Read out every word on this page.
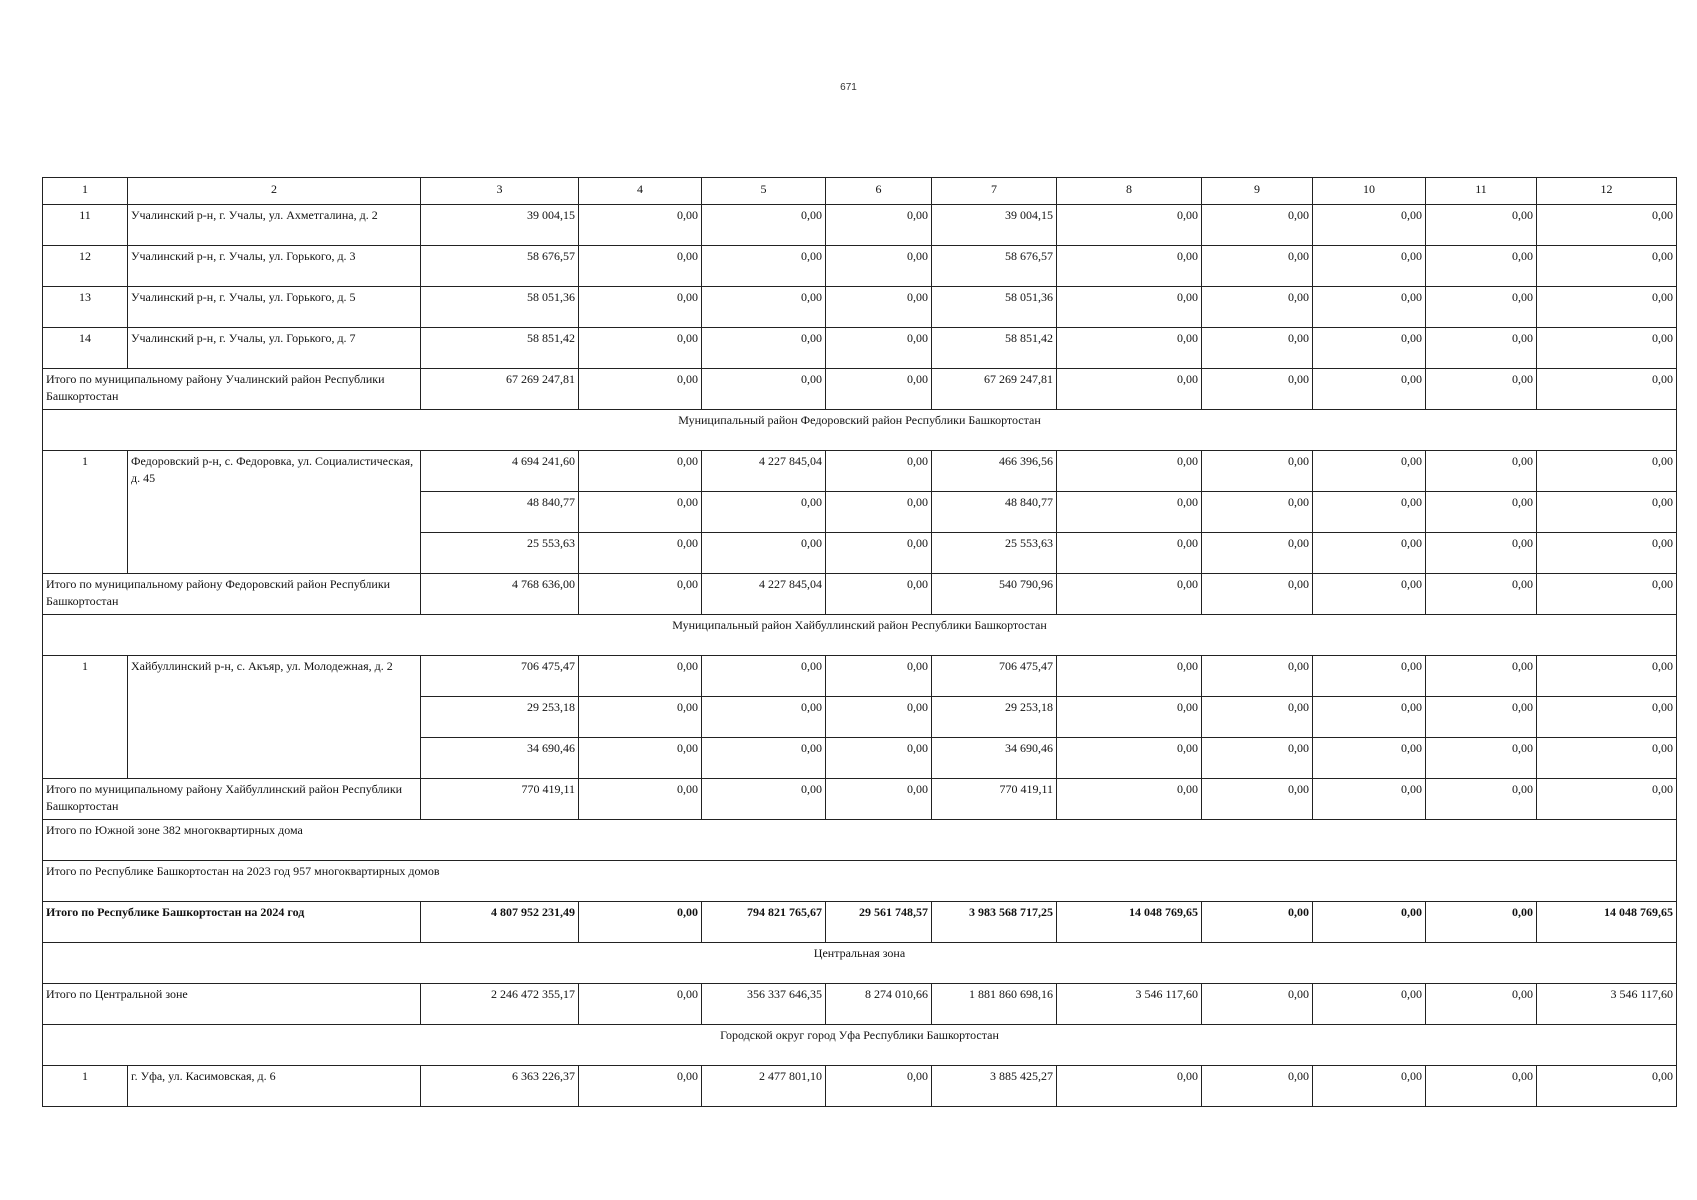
671
1	2	3	4	5	6	7	8	9	10	11	12
11	Учалинский р-н, г. Учалы, ул. Ахметгалина, д. 2	39 004,15	0,00	0,00	0,00	39 004,15	0,00	0,00	0,00	0,00	0,00
12	Учалинский р-н, г. Учалы, ул. Горького, д. 3	58 676,57	0,00	0,00	0,00	58 676,57	0,00	0,00	0,00	0,00	0,00
13	Учалинский р-н, г. Учалы, ул. Горького, д. 5	58 051,36	0,00	0,00	0,00	58 051,36	0,00	0,00	0,00	0,00	0,00
14	Учалинский р-н, г. Учалы, ул. Горького, д. 7	58 851,42	0,00	0,00	0,00	58 851,42	0,00	0,00	0,00	0,00	0,00
Итого по муниципальному району Учалинский район Республики Башкортостан		67 269 247,81	0,00	0,00	0,00	67 269 247,81	0,00	0,00	0,00	0,00	0,00
Муниципальный район Федоровский район Республики Башкортостан											
1	Федоровский р-н, с. Федоровка, ул. Социалистическая, д. 45	4 694 241,60	0,00	4 227 845,04	0,00	466 396,56	0,00	0,00	0,00	0,00	0,00
		48 840,77	0,00	0,00	0,00	48 840,77	0,00	0,00	0,00	0,00	0,00
		25 553,63	0,00	0,00	0,00	25 553,63	0,00	0,00	0,00	0,00	0,00
Итого по муниципальному району Федоровский район Республики Башкортостан		4 768 636,00	0,00	4 227 845,04	0,00	540 790,96	0,00	0,00	0,00	0,00	0,00
Муниципальный район Хайбуллинский район Республики Башкортостан											
1	Хайбуллинский р-н, с. Акъяр, ул. Молодежная, д. 2	706 475,47	0,00	0,00	0,00	706 475,47	0,00	0,00	0,00	0,00	0,00
		29 253,18	0,00	0,00	0,00	29 253,18	0,00	0,00	0,00	0,00	0,00
		34 690,46	0,00	0,00	0,00	34 690,46	0,00	0,00	0,00	0,00	0,00
Итого по муниципальному району Хайбуллинский район Республики Башкортостан		770 419,11	0,00	0,00	0,00	770 419,11	0,00	0,00	0,00	0,00	0,00
Итого по Южной зоне 382 многоквартирных дома											
Итого по Республике Башкортостан на 2023 год 957 многоквартирных домов											
Итого по Республике Башкортостан на 2024 год		4 807 952 231,49	0,00	794 821 765,67	29 561 748,57	3 983 568 717,25	14 048 769,65	0,00	0,00	0,00	14 048 769,65
Центральная зона											
Итого по Центральной зоне		2 246 472 355,17	0,00	356 337 646,35	8 274 010,66	1 881 860 698,16	3 546 117,60	0,00	0,00	0,00	3 546 117,60
Городской округ город Уфа Республики Башкортостан											
1	г. Уфа, ул. Касимовская, д. 6	6 363 226,37	0,00	2 477 801,10	0,00	3 885 425,27	0,00	0,00	0,00	0,00	0,00
